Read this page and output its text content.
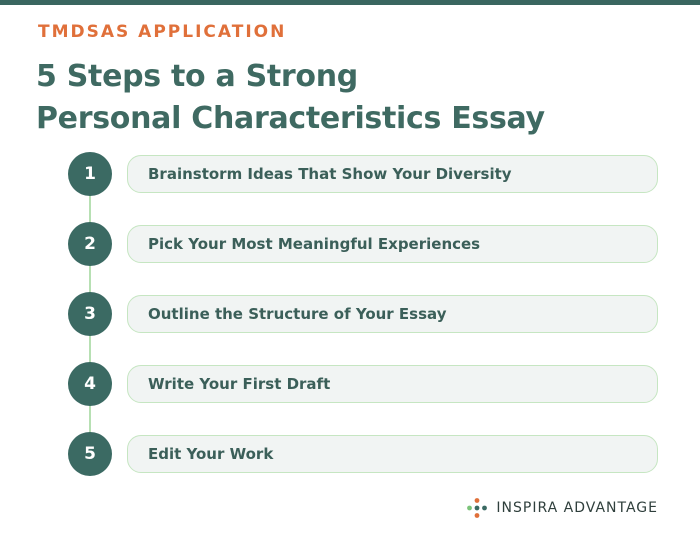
TMDSAS APPLICATION
5 Steps to a Strong
Personal Characteristics Essay
1	Brainstorm Ideas That Show Your Diversity
2	Pick Your Most Meaningful Experiences
3	Outline the Structure of Your Essay
4	Write Your First Draft
5	Edit Your Work
INSPIRA ADVANTAGE
